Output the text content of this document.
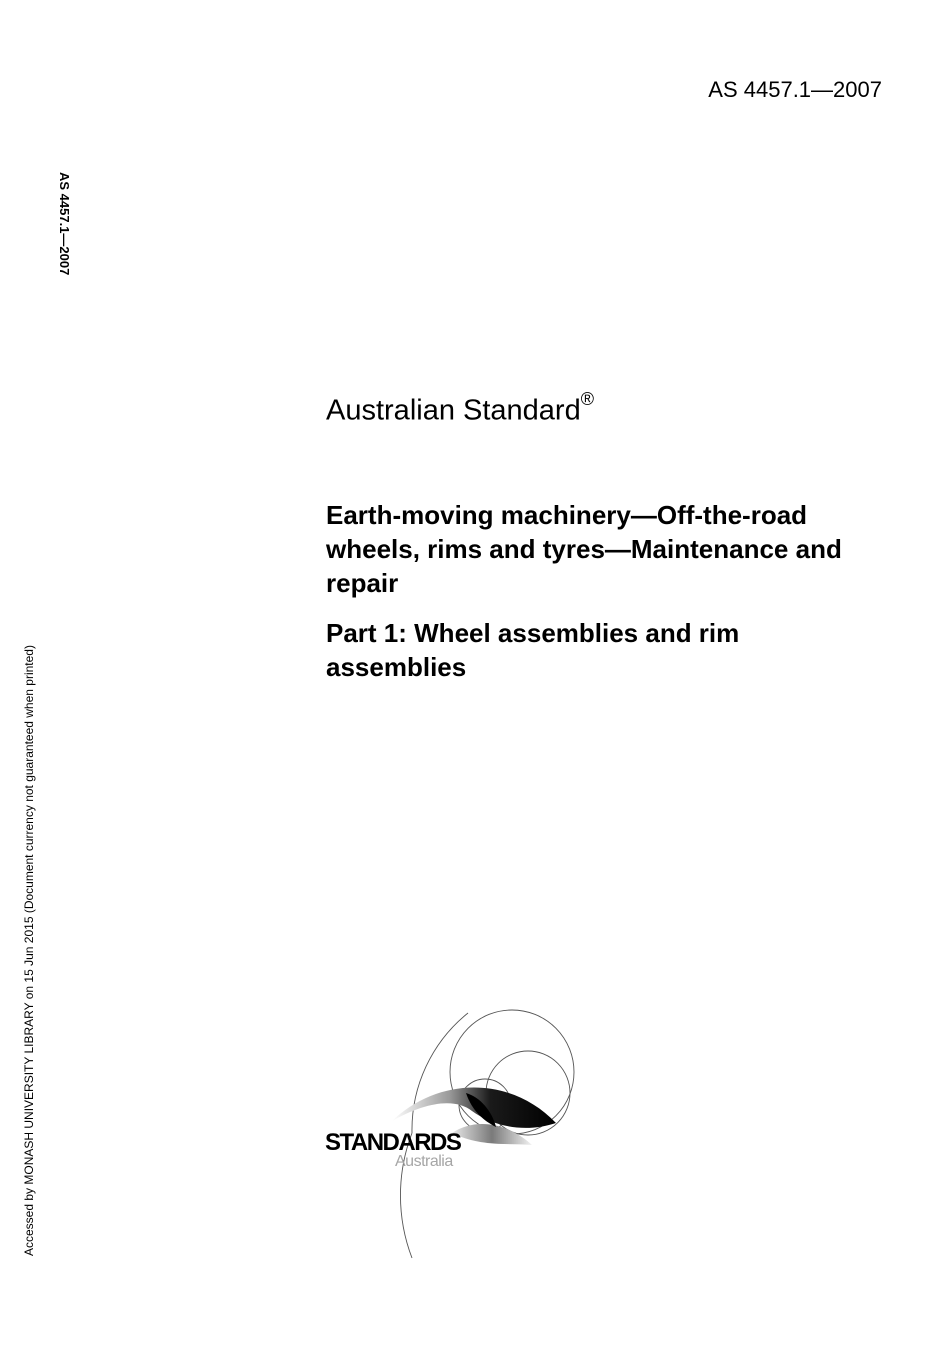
AS 4457.1—2007
AS 4457.1—2007
Accessed by MONASH UNIVERSITY LIBRARY on 15 Jun 2015 (Document currency not guaranteed when printed)
Australian Standard®
Earth-moving machinery—Off-the-road wheels, rims and tyres—Maintenance and repair
Part 1: Wheel assemblies and rim assemblies
STANDARDS
Australia
